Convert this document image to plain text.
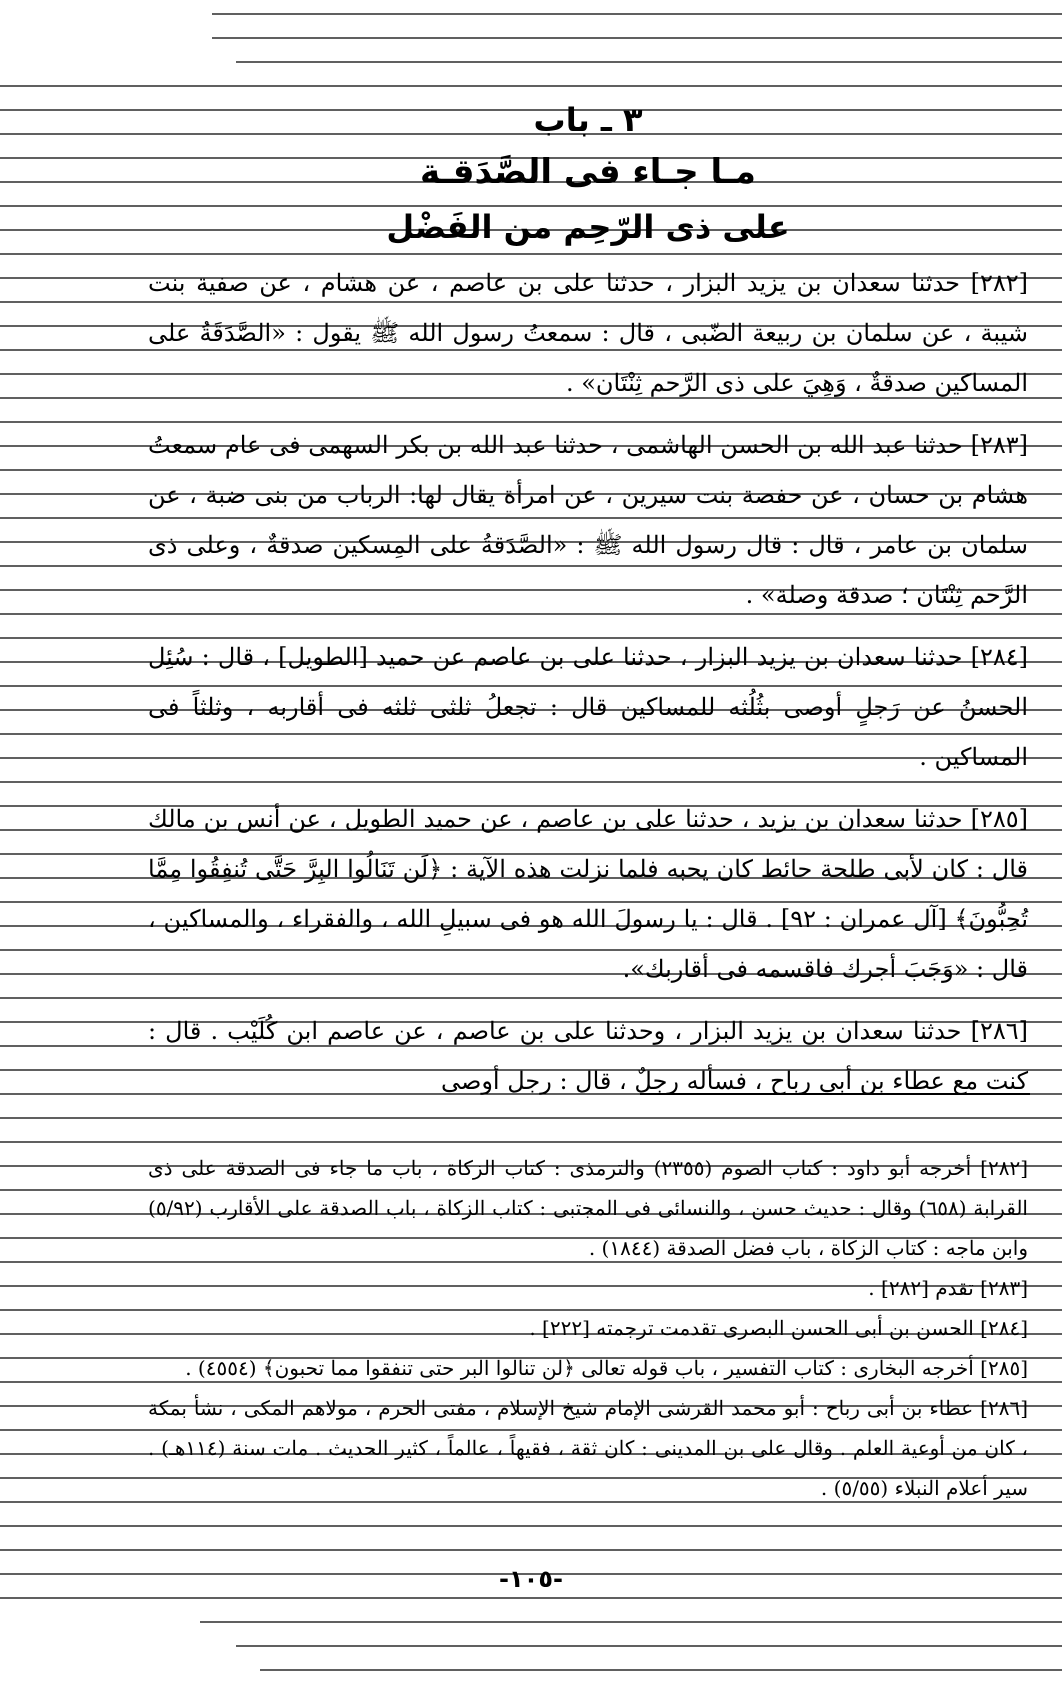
٣ ـ باب

مـا جـاء فى الصَّدَقـة

على ذى الرّحِم من الفَضْل

[٢٨٢] حدثنا سعدان بن يزيد البزار ، حدثنا على بن عاصم ، عن هشام ، عن صفية بنت شيبة ، عن سلمان بن ربيعة الضّبى ، قال : سمعتُ رسول الله ﷺ يقول : «الصَّدَقَةُ على المساكين صدقةٌ ، وَهِيَ على ذى الرَّحم ثِنْتَان» .

[٢٨٣] حدثنا عبد الله بن الحسن الهاشمى ، حدثنا عبد الله بن بكر السهمى فى عام سمعتُ هشام بن حسان ، عن حفصة بنت سيرين ، عن امرأة يقال لها: الرباب من بنى ضبة ، عن سلمان بن عامر ، قال : قال رسول الله ﷺ : «الصَّدَقةُ على المِسكين صدقةٌ ، وعلى ذى الرَّحم ثِنْتَان ؛ صدقة وصلة» .

[٢٨٤] حدثنا سعدان بن يزيد البزار ، حدثنا على بن عاصم عن حميد [الطويل] ، قال : سُئِل الحسنُ عن رَجلٍ أوصى بثُلُثه للمساكين قال : تجعلُ ثلثى ثلثه فى أقاربه ، وثلثاً فى المساكين .

[٢٨٥] حدثنا سعدان بن يزيد ، حدثنا على بن عاصم ، عن حميد الطويل ، عن أنس بن مالك قال : كان لأبى طلحة حائط كان يحبه فلما نزلت هذه الآية : ﴿لَن تَنَالُوا البِرَّ حَتَّى تُنفِقُوا مِمَّا تُحِبُّونَ﴾ [آل عمران : ٩٢] . قال : يا رسولَ الله هو فى سبيلِ الله ، والفقراء ، والمساكين ، قال : «وَجَبَ أجرك فاقسمه فى أقاربك».

[٢٨٦] حدثنا سعدان بن يزيد البزار ، وحدثنا على بن عاصم ، عن عاصم ابن كُلَيْب . قال : كنت مع عطاء بن أبى رباح ، فسأله رجلٌ ، قال : رجل أوصى

[٢٨٢] أخرجه أبو داود : كتاب الصوم (٢٣٥٥) والترمذى : كتاب الزكاة ، باب ما جاء فى الصدقة على ذى القرابة (٦٥٨) وقال : حديث حسن ، والنسائى فى المجتبى : كتاب الزكاة ، باب الصدقة على الأقارب (٥/٩٢) وابن ماجه : كتاب الزكاة ، باب فضل الصدقة (١٨٤٤) .

[٢٨٣] تقدم [٢٨٢] .

[٢٨٤] الحسن بن أبى الحسن البصرى تقدمت ترجمته [٢٢٢] .

[٢٨٥] أخرجه البخارى : كتاب التفسير ، باب قوله تعالى ﴿لن تنالوا البر حتى تنفقوا مما تحبون﴾ (٤٥٥٤) .

[٢٨٦] عطاء بن أبى رباح : أبو محمد القرشى الإمام شيخ الإسلام ، مفتى الحرم ، مولاهم المكى ، نشأ بمكة ، كان من أوعية العلم . وقال على بن المدينى : كان ثقة ، فقيهاً ، عالماً ، كثير الحديث . مات سنة (١١٤هـ) . سير أعلام النبلاء (٥/٥٥) .

-١٠٥-
